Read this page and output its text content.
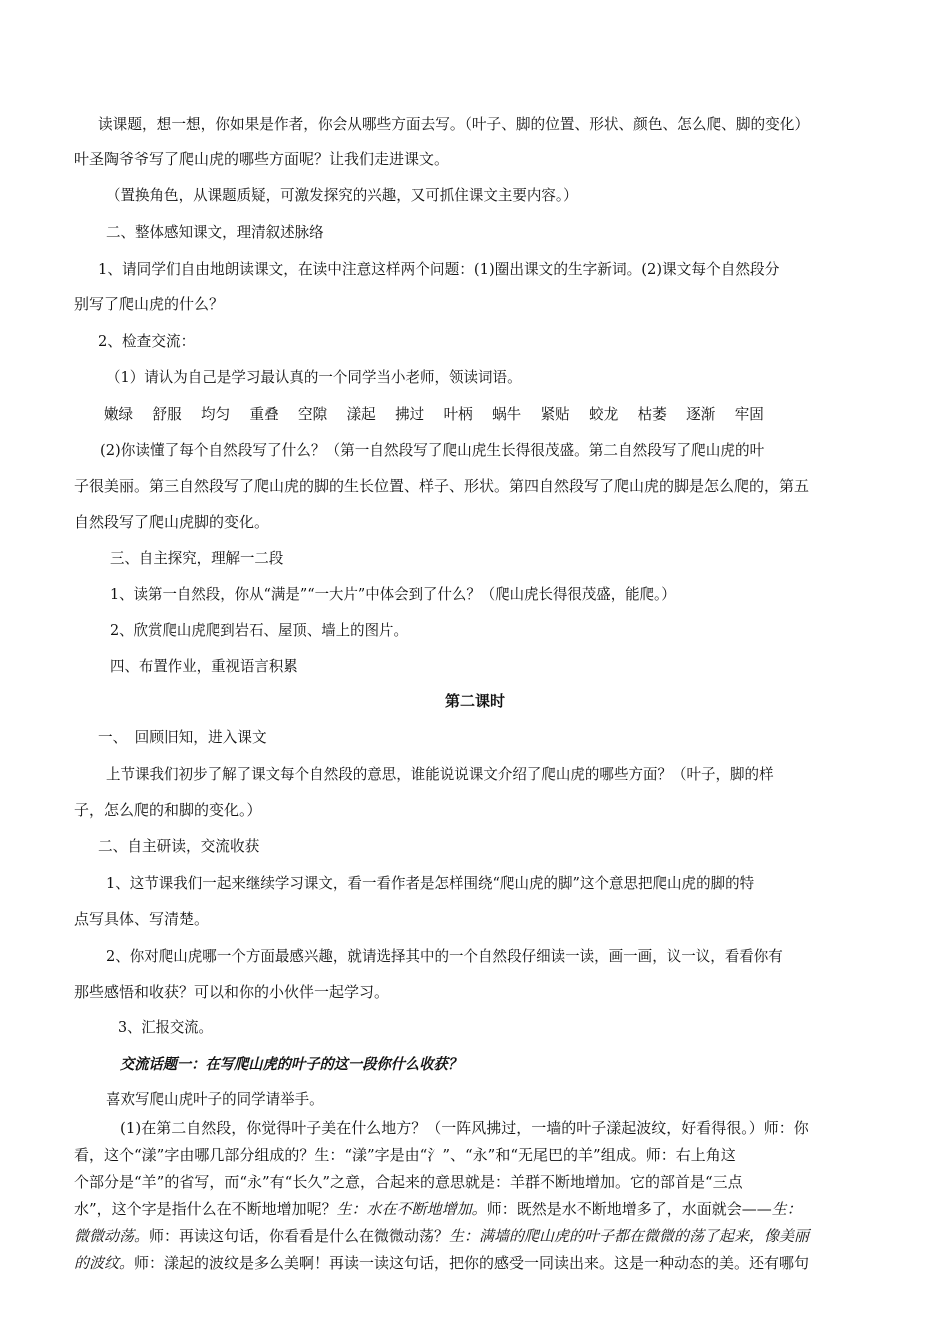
读课题，想一想，你如果是作者，你会从哪些方面去写。（叶子、脚的位置、形状、颜色、怎么爬、脚的变化）
叶圣陶爷爷写了爬山虎的哪些方面呢？让我们走进课文。
（置换角色，从课题质疑，可激发探究的兴趣，又可抓住课文主要内容。）
二、整体感知课文，理清叙述脉络
1、请同学们自由地朗读课文，在读中注意这样两个问题：(1)圈出课文的生字新词。(2)课文每个自然段分
别写了爬山虎的什么？
2、检查交流：
（1）请认为自己是学习最认真的一个同学当小老师，领读词语。
嫩绿 舒服 均匀 重叠 空隙 漾起 拂过 叶柄 蜗牛 紧贴 蛟龙 枯萎 逐渐 牢固
(2)你读懂了每个自然段写了什么？（第一自然段写了爬山虎生长得很茂盛。第二自然段写了爬山虎的叶
子很美丽。第三自然段写了爬山虎的脚的生长位置、样子、形状。第四自然段写了爬山虎的脚是怎么爬的，第五
自然段写了爬山虎脚的变化。
三、自主探究，理解一二段
1、读第一自然段，你从“满是”“一大片”中体会到了什么？（爬山虎长得很茂盛，能爬。）
2、欣赏爬山虎爬到岩石、屋顶、墙上的图片。
四、布置作业，重视语言积累
第二课时
一、　回顾旧知，进入课文
上节课我们初步了解了课文每个自然段的意思，谁能说说课文介绍了爬山虎的哪些方面？（叶子，脚的样
子，怎么爬的和脚的变化。）
二、自主研读，交流收获
1、这节课我们一起来继续学习课文，看一看作者是怎样围绕“爬山虎的脚”这个意思把爬山虎的脚的特
点写具体、写清楚。
2、你对爬山虎哪一个方面最感兴趣，就请选择其中的一个自然段仔细读一读，画一画，议一议，看看你有
那些感悟和收获？可以和你的小伙伴一起学习。
3、汇报交流。
交流话题一：在写爬山虎的叶子的这一段你什么收获？
喜欢写爬山虎叶子的同学请举手。
(1)在第二自然段，你觉得叶子美在什么地方？（一阵风拂过，一墙的叶子漾起波纹，好看得很。）师：你
看，这个“漾”字由哪几部分组成的？生：“漾”字是由“氵”、“永”和“无尾巴的羊”组成。师：右上角这
个部分是“羊”的省写，而“永”有“长久”之意，合起来的意思就是：羊群不断地增加。它的部首是“三点
水”，这个字是指什么在不断地增加呢？生：水在不断地增加。师：既然是水不断地增多了，水面就会——生：
微微动荡。师：再读这句话，你看看是什么在微微动荡？生：满墙的爬山虎的叶子都在微微的荡了起来，像美丽
的波纹。师：漾起的波纹是多么美啊！再读一读这句话，把你的感受一同读出来。这是一种动态的美。还有哪句
